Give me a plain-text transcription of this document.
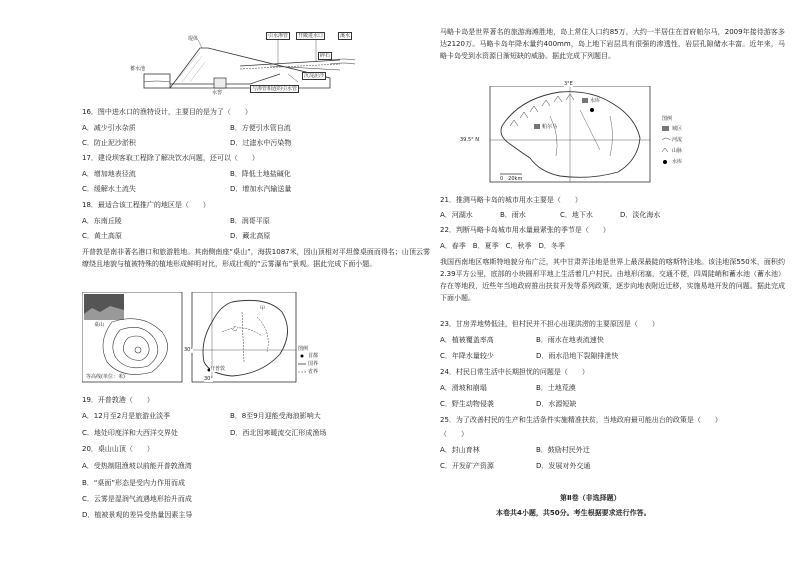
引水渗管	开敞进水口	溪水
堤体
蓄水池
碎石
沉淀泥沙
水窖
与渗管相连的引水管
16．图中进水口的渔特设计，主要目的是为了（　　）
A．减少引水杂质	B．方便引水管自流
C．防止泥沙淤积	D．过滤水中污染物
17．建设坝客取工程除了解决饮水问题，还可以（　　）
A．增加地表径流	B．降低土地盐碱化
C．缓解水土流失	D．增加水汽输送量
18．最适合该工程推广的地区是（　　）
A．东南丘陵	B．润哥平原
C．黄土高原	D．藏北高原
开普敦是南非著名港口和旅游胜地。其南侧南座“桌山”，海拔1087米，因山顶相对平坦像桌面而得名；山顶云雾缭绕且地貌与植被特殊的植地形成鲜明对比，形成壮观的“云雾瀑布”景观。据此完成下面小题。
桌山
等高线(单位：米)
开普敦
30°
30°
甲
乙
图例
首都
国界
省界
19．开普敦港（　　）
A．12月至2月是旅游业淡季	B．8至9月迎能受海浪影响大
C．地处印度洋和大西洋交界处	D．西北因寒暖流交汇形成渔场
20．桌山山顶（　　）
A．受热制阻渔坡以前能开普敦渔湾
B．“桌面”形态是受内力作用而成
C．云雾是湿润气流遇地形抬升而成
D．植被景观的差异受热量因素主导
马略卡岛是世界著名的旅游海滩胜地，岛上常住人口约85万，大约一半居住在首府帕尔马，2009年接待游客多达2120万。马略卡岛年降水量约400mm，岛上地下岩层具有很强的渗透性，岩层孔隙储水丰富。近年来，马略卡岛受到水资源日渐短缺的威胁。据此完成下列题目。
3°E
39.5° N
帕尔马
水库
0　20km
图例
城区
河流
山脉
水库
21．推测马略卡岛的城市用水主要是（　　）
A．河湖水	B．雨水	C．地下水	D．淡化海水
22．判断马略卡岛城市用水量最紧张的季节是（　　）
A．春季　B．夏季　C．秋季　D．冬季
我国西南地区喀斯特地貌分布广泛，其中甘肃弄洼地是世界上最深最陡的喀斯特洼地。该洼地深550米，面积约2.39平方公里，底部的小块圆形平地上生活着几户村民。由地形闭塞，交通不便，四周陡峭和蓄水池（蓄水池）存在等地段，近些年当地政府推出扶贫开发等系列政策，逐步向地表附近迁移，实施易地开发的问题。据此完成下面小题。
23．甘房弄地势低洼，但村民并不担心出现洪涝的主要原因是（　　）
A．植被覆盖率高	B．雨水在地表流速快
C．年降水量较少	D．雨水沿地下裂隙排泄快
24．村民日常生活中长期担忧的问题是（　　）
A．滑坡和崩塌	B．土地荒漠
C．野生动物侵袭	D．水源短缺
25．为了改善村民的生产和生活条件实施精准扶贫，当地政府最可能出台的政策是（　　）
（　　）
A．封山育林	B．鼓励村民外迁
C．开发矿产资源	D．发展对外交通
第Ⅱ卷（非选择题）
本卷共4小题，共50分。考生根据要求进行作答。
